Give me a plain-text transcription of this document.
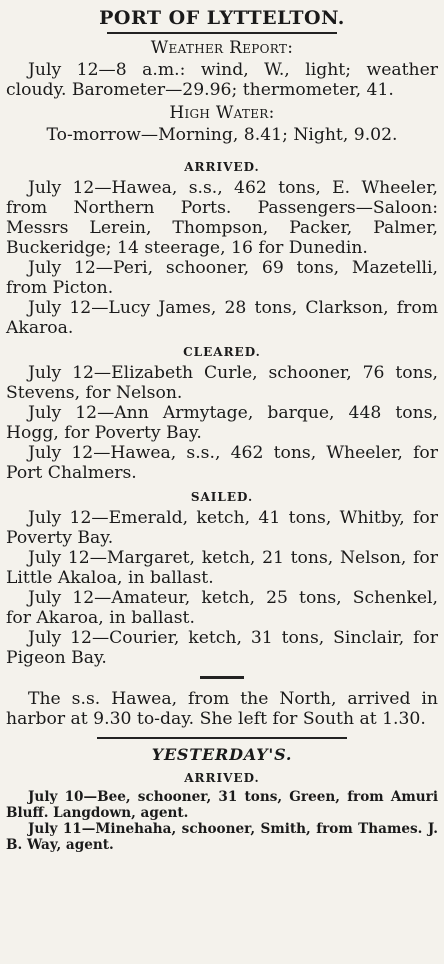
PORT OF LYTTELTON.
Weather Report:

July 12—8 a.m.: wind, W., light; weather cloudy. Barometer—29.96; thermometer, 41.

High Water:

To-morrow—Morning, 8.41; Night, 9.02.

ARRIVED.

July 12—Hawea, s.s., 462 tons, E. Wheeler, from Northern Ports. Passengers—Saloon: Messrs Lerein, Thompson, Packer, Palmer, Buckeridge; 14 steerage, 16 for Dunedin.

July 12—Peri, schooner, 69 tons, Mazetelli, from Picton.

July 12—Lucy James, 28 tons, Clarkson, from Akaroa.

CLEARED.

July 12—Elizabeth Curle, schooner, 76 tons, Stevens, for Nelson.

July 12—Ann Armytage, barque, 448 tons, Hogg, for Poverty Bay.

July 12—Hawea, s.s., 462 tons, Wheeler, for Port Chalmers.

SAILED.

July 12—Emerald, ketch, 41 tons, Whitby, for Poverty Bay.

July 12—Margaret, ketch, 21 tons, Nelson, for Little Akaloa, in ballast.

July 12—Amateur, ketch, 25 tons, Schenkel, for Akaroa, in ballast.

July 12—Courier, ketch, 31 tons, Sinclair, for Pigeon Bay.

The s.s. Hawea, from the North, arrived in harbor at 9.30 to-day. She left for South at 1.30.

YESTERDAY'S.
ARRIVED.

July 10—Bee, schooner, 31 tons, Green, from Amuri Bluff. Langdown, agent.

July 11—Minehaha, schooner, Smith, from Thames. J. B. Way, agent.
